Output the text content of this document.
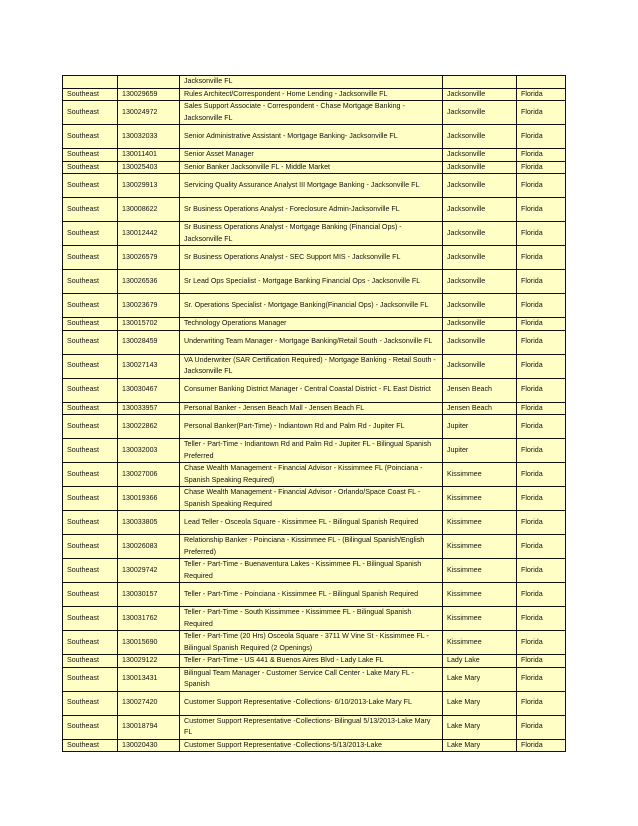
		Jacksonville FL		
Southeast	130029659	Rules Architect/Correspondent - Home Lending - Jacksonville FL	Jacksonville	Florida
Southeast	130024972	Sales Support Associate - Correspondent - Chase Mortgage Banking - Jacksonville FL	Jacksonville	Florida
Southeast	130032033	Senior Administrative Assistant - Mortgage Banking- Jacksonville FL	Jacksonville	Florida
Southeast	130011401	Senior Asset Manager	Jacksonville	Florida
Southeast	130025403	Senior Banker Jacksonville FL - Middle Market	Jacksonville	Florida
Southeast	130029913	Servicing Quality Assurance Analyst III Mortgage Banking - Jacksonville FL	Jacksonville	Florida
Southeast	130008622	Sr Business Operations Analyst - Foreclosure Admin-Jacksonville FL	Jacksonville	Florida
Southeast	130012442	Sr Business Operations Analyst - Mortgage Banking (Financial Ops) - Jacksonville FL	Jacksonville	Florida
Southeast	130026579	Sr Business Operations Analyst - SEC Support MIS - Jacksonville FL	Jacksonville	Florida
Southeast	130026536	Sr Lead Ops Specialist - Mortgage Banking Financial Ops - Jacksonville FL	Jacksonville	Florida
Southeast	130023679	Sr. Operations Specialist - Mortgage Banking(Financial Ops) - Jacksonville FL	Jacksonville	Florida
Southeast	130015702	Technology Operations Manager	Jacksonville	Florida
Southeast	130028459	Underwriting Team Manager - Mortgage Banking/Retail South - Jacksonville FL	Jacksonville	Florida
Southeast	130027143	VA Underwriter (SAR Certification Required) - Mortgage Banking - Retail South - Jacksonville FL	Jacksonville	Florida
Southeast	130030467	Consumer Banking District Manager - Central Coastal District - FL East District	Jensen Beach	Florida
Southeast	130033957	Personal Banker - Jensen Beach Mall - Jensen Beach FL	Jensen Beach	Florida
Southeast	130022862	Personal Banker(Part-Time) - Indiantown Rd and Palm Rd - Jupiter FL	Jupiter	Florida
Southeast	130032003	Teller - Part-Time - Indiantown Rd and Palm Rd - Jupiter FL - Bilingual Spanish Preferred	Jupiter	Florida
Southeast	130027006	Chase Wealth Management - Financial Advisor - Kissimmee FL (Poinciana - Spanish Speaking Required)	Kissimmee	Florida
Southeast	130019366	Chase Wealth Management - Financial Advisor - Orlando/Space Coast FL - Spanish Speaking Required	Kissimmee	Florida
Southeast	130033805	Lead Teller - Osceola Square - Kissimmee FL - Bilingual Spanish Required	Kissimmee	Florida
Southeast	130026083	Relationship Banker - Poinciana - Kissimmee FL - (Bilingual Spanish/English Preferred)	Kissimmee	Florida
Southeast	130029742	Teller - Part-Time - Buenaventura Lakes - Kissimmee FL - Bilingual Spanish Required	Kissimmee	Florida
Southeast	130030157	Teller - Part-Time - Poinciana - Kissimmee FL - Bilingual Spanish Required	Kissimmee	Florida
Southeast	130031762	Teller - Part-Time - South Kissimmee - Kissimmee FL - Bilingual Spanish Required	Kissimmee	Florida
Southeast	130015690	Teller - Part-Time (20 Hrs) Osceola Square - 3711 W Vine St - Kissimmee FL - Bilingual Spanish Required (2 Openings)	Kissimmee	Florida
Southeast	130029122	Teller - Part-Time - US 441 & Buenos Aires Blvd - Lady Lake FL	Lady Lake	Florida
Southeast	130013431	Bilingual Team Manager - Customer Service Call Center - Lake Mary FL - Spanish	Lake Mary	Florida
Southeast	130027420	Customer Support Representative -Collections- 6/10/2013-Lake Mary FL	Lake Mary	Florida
Southeast	130018794	Customer Support Representative -Collections- Bilingual 5/13/2013-Lake Mary FL	Lake Mary	Florida
Southeast	130020430	Customer Support Representative -Collections-5/13/2013-Lake	Lake Mary	Florida
